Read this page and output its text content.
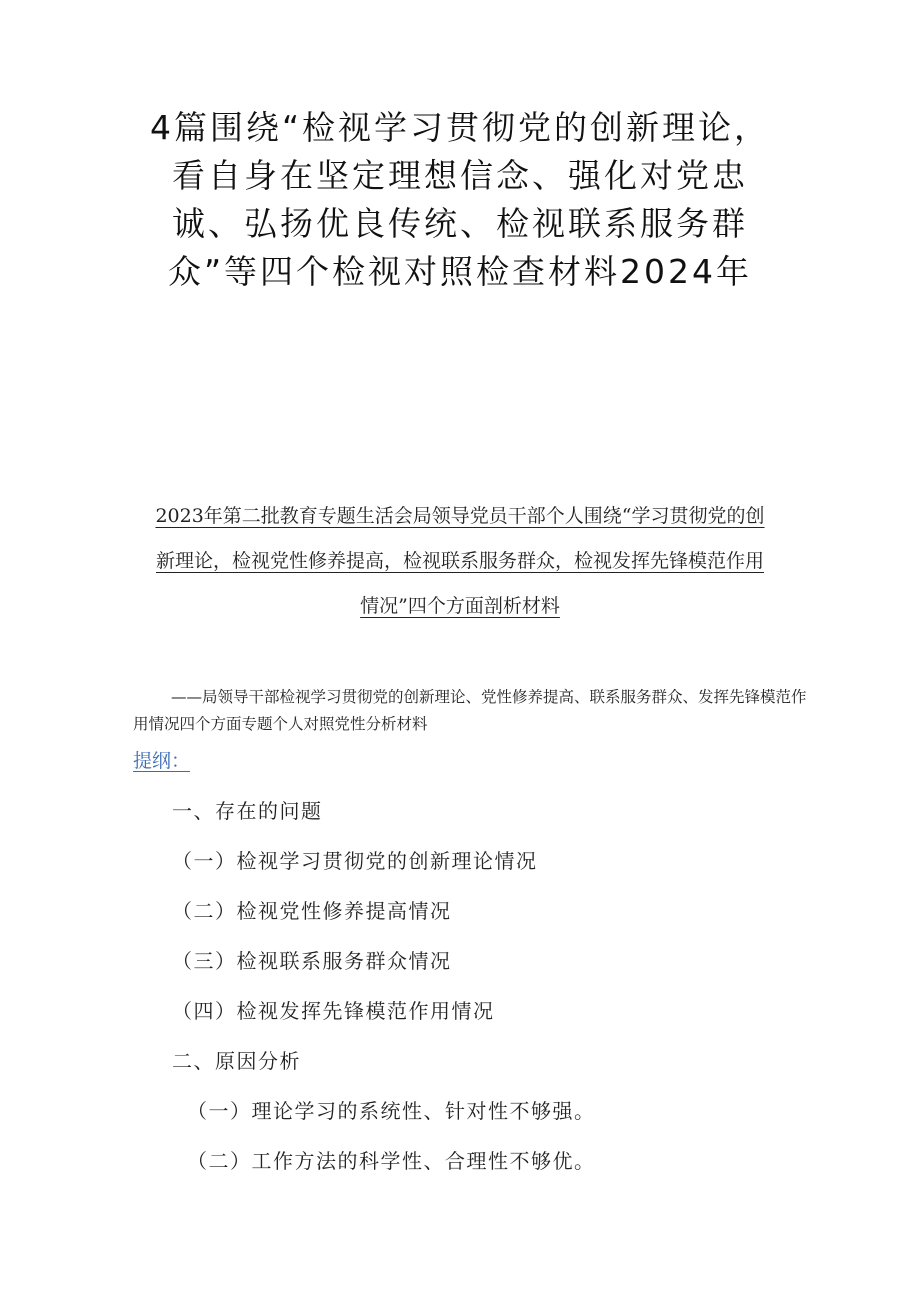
4篇围绕“检视学习贯彻党的创新理论，看自身在坚定理想信念、强化对党忠诚、弘扬优良传统、检视联系服务群众”等四个检视对照检查材料2024年

2023年第二批教育专题生活会局领导党员干部个人围绕“学习贯彻党的创新理论，检视党性修养提高，检视联系服务群众，检视发挥先锋模范作用情况”四个方面剖析材料

——局领导干部检视学习贯彻党的创新理论、党性修养提高、联系服务群众、发挥先锋模范作用情况四个方面专题个人对照党性分析材料

提纲：

一、存在的问题

（一）检视学习贯彻党的创新理论情况

（二）检视党性修养提高情况

（三）检视联系服务群众情况

（四）检视发挥先锋模范作用情况

二、原因分析

（一）理论学习的系统性、针对性不够强。

（二）工作方法的科学性、合理性不够优。
